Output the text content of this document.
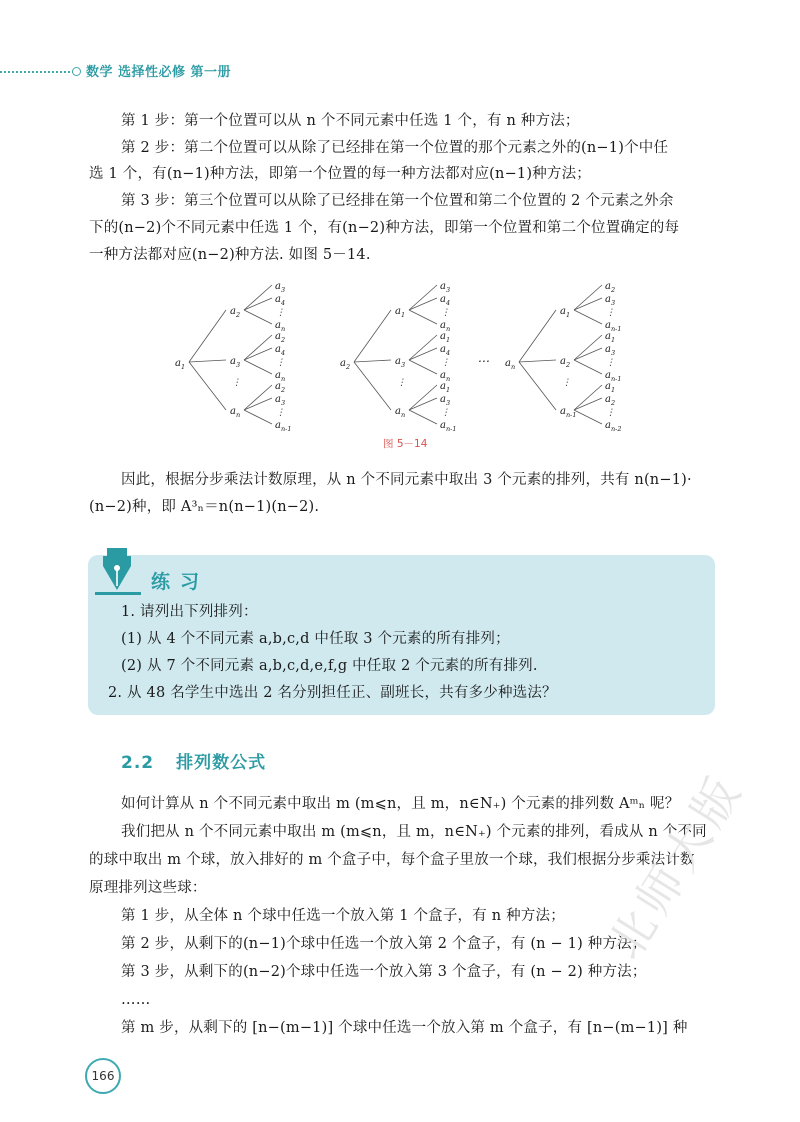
数学 选择性必修 第一册
第 1 步：第一个位置可以从 n 个不同元素中任选 1 个，有 n 种方法；
第 2 步：第二个位置可以从除了已经排在第一个位置的那个元素之外的(n−1)个中任
选 1 个，有(n−1)种方法，即第一个位置的每一种方法都对应(n−1)种方法；
第 3 步：第三个位置可以从除了已经排在第一个位置和第二个位置的 2 个元素之外余
下的(n−2)个不同元素中任选 1 个，有(n−2)种方法，即第一个位置和第二个位置确定的每
一种方法都对应(n−2)种方法. 如图 5－14.
$a_1$
$a_2$
$a_3$
$a_4$
$a_n$
⋮
$a_3$
$a_2$
$a_4$
$a_n$
⋮
$a_n$
$a_2$
$a_3$
$a_{n-1}$
⋮
⋮
$a_2$
$a_1$
$a_3$
$a_4$
$a_n$
⋮
$a_3$
$a_1$
$a_4$
$a_n$
⋮
$a_n$
$a_1$
$a_3$
$a_{n-1}$
⋮
⋮
$a_n$
$a_1$
$a_2$
$a_3$
$a_{n-1}$
⋮
$a_2$
$a_1$
$a_3$
$a_{n-1}$
⋮
$a_{n-1}$
$a_1$
$a_2$
$a_{n-2}$
⋮
⋮
⋯
图 5－14
因此，根据分步乘法计数原理，从 n 个不同元素中取出 3 个元素的排列，共有 n(n−1)·
(n−2)种，即 A³ₙ＝n(n−1)(n−2).
练习
1. 请列出下列排列：
(1) 从 4 个不同元素 a,b,c,d 中任取 3 个元素的所有排列；
(2) 从 7 个不同元素 a,b,c,d,e,f,g 中任取 2 个元素的所有排列.
2. 从 48 名学生中选出 2 名分别担任正、副班长，共有多少种选法？
2.2 排列数公式
如何计算从 n 个不同元素中取出 m (m⩽n，且 m，n∈N₊) 个元素的排列数 Aᵐₙ 呢？
我们把从 n 个不同元素中取出 m (m⩽n，且 m，n∈N₊) 个元素的排列，看成从 n 个不同
的球中取出 m 个球，放入排好的 m 个盒子中，每个盒子里放一个球，我们根据分步乘法计数
原理排列这些球：
第 1 步，从全体 n 个球中任选一个放入第 1 个盒子，有 n 种方法；
第 2 步，从剩下的(n−1)个球中任选一个放入第 2 个盒子，有 (n − 1) 种方法；
第 3 步，从剩下的(n−2)个球中任选一个放入第 3 个盒子，有 (n − 2) 种方法；
……
第 m 步，从剩下的 [n−(m−1)] 个球中任选一个放入第 m 个盒子，有 [n−(m−1)] 种
166
北师大版
